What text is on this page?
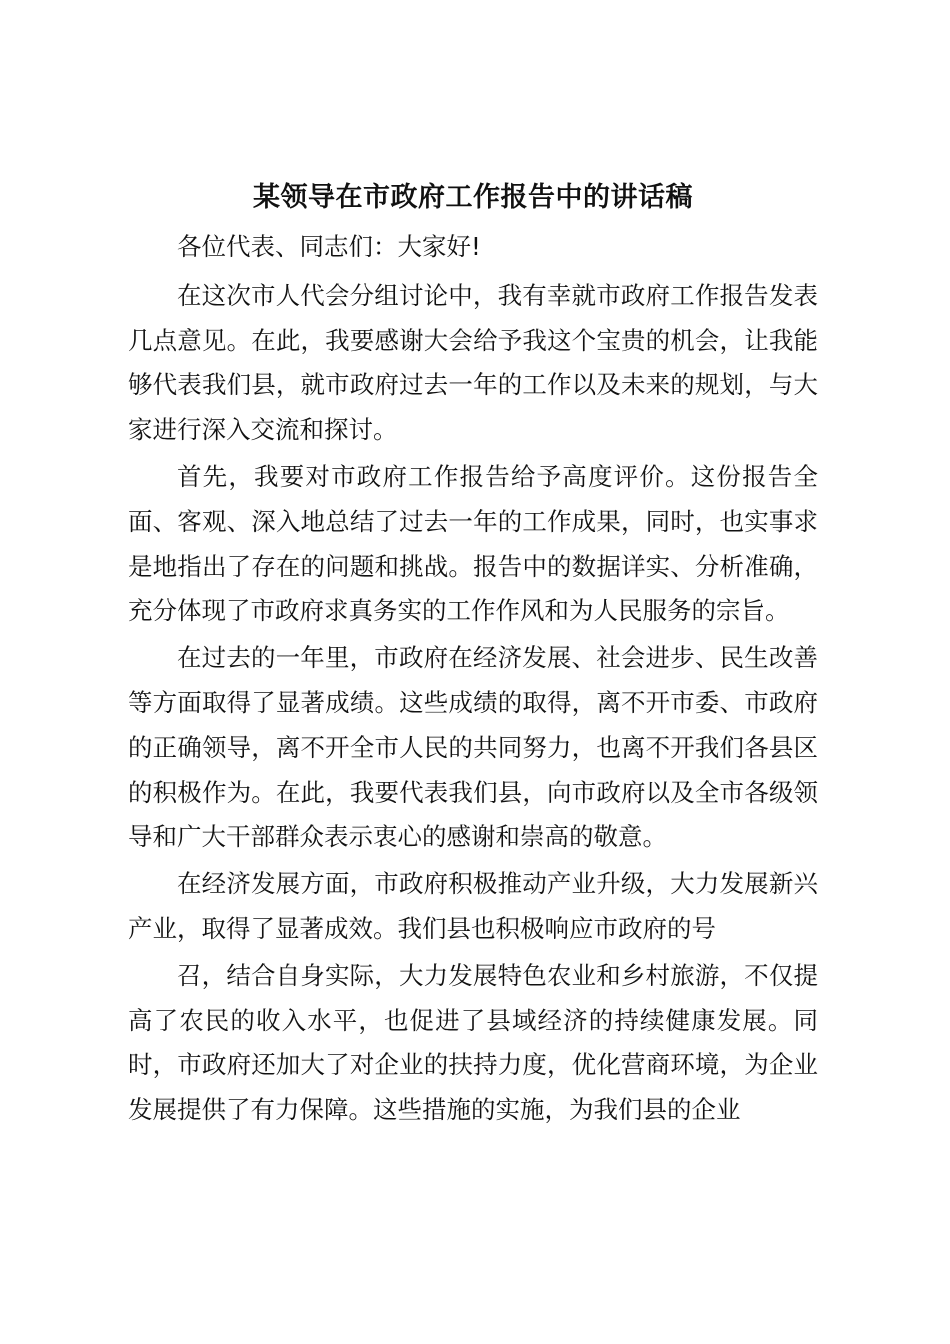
某领导在市政府工作报告中的讲话稿

各位代表、同志们：大家好!

在这次市人代会分组讨论中，我有幸就市政府工作报告发表几点意见。在此，我要感谢大会给予我这个宝贵的机会，让我能够代表我们县，就市政府过去一年的工作以及未来的规划，与大家进行深入交流和探讨。

首先，我要对市政府工作报告给予高度评价。这份报告全面、客观、深入地总结了过去一年的工作成果，同时，也实事求是地指出了存在的问题和挑战。报告中的数据详实、分析准确，充分体现了市政府求真务实的工作作风和为人民服务的宗旨。

在过去的一年里，市政府在经济发展、社会进步、民生改善等方面取得了显著成绩。这些成绩的取得，离不开市委、市政府的正确领导，离不开全市人民的共同努力，也离不开我们各县区的积极作为。在此，我要代表我们县，向市政府以及全市各级领导和广大干部群众表示衷心的感谢和崇高的敬意。

在经济发展方面，市政府积极推动产业升级，大力发展新兴产业，取得了显著成效。我们县也积极响应市政府的号

召，结合自身实际，大力发展特色农业和乡村旅游，不仅提高了农民的收入水平，也促进了县域经济的持续健康发展。同时，市政府还加大了对企业的扶持力度，优化营商环境，为企业发展提供了有力保障。这些措施的实施，为我们县的企业
